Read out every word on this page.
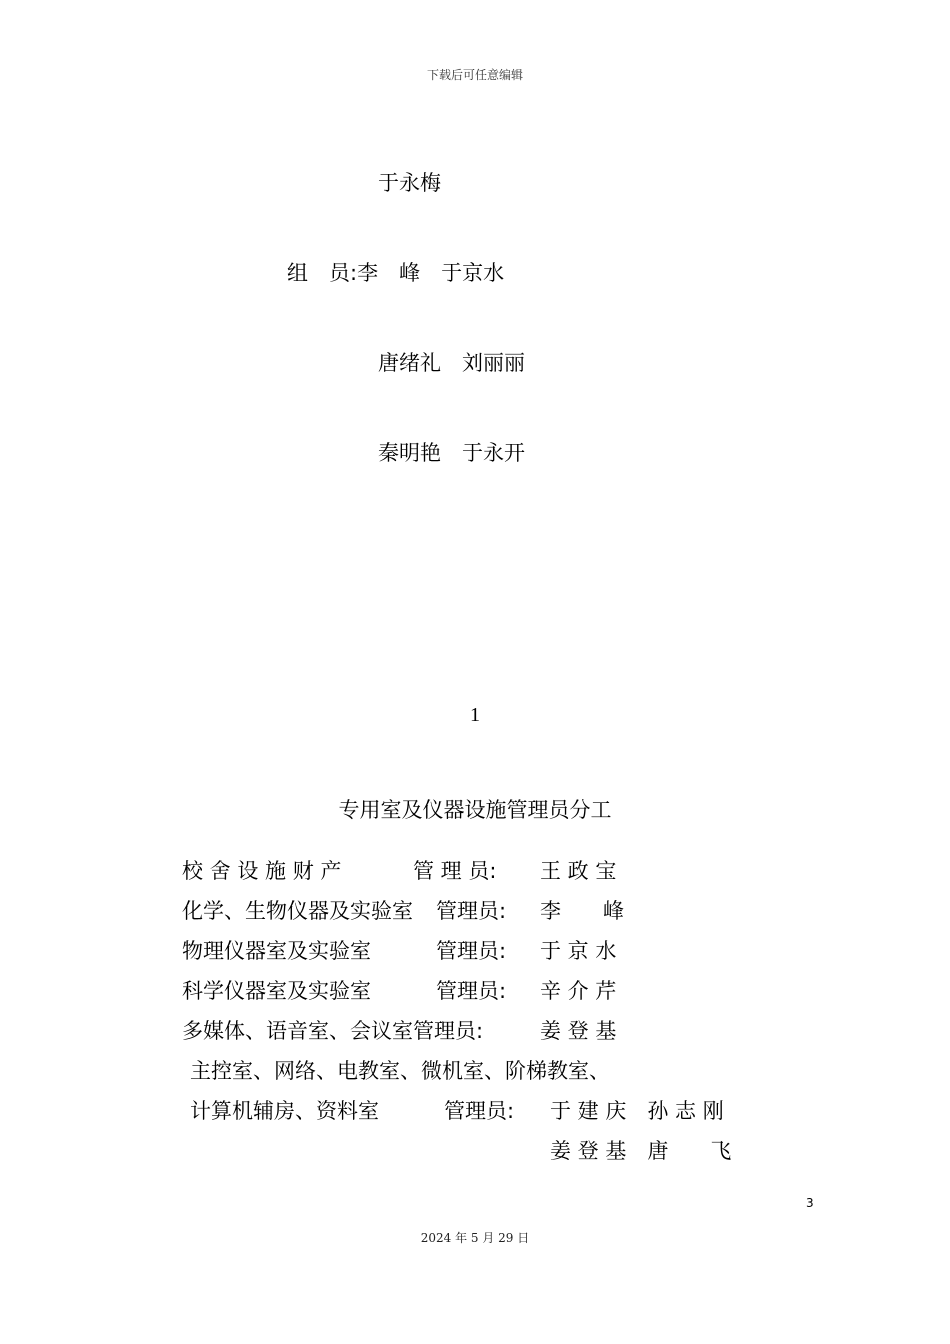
下载后可任意编辑
于永梅
组　员:李　峰　于京水
唐绪礼　刘丽丽
秦明艳　于永开
1
专用室及仪器设施管理员分工
校 舍 设 施 财 产	管 理 员: 王 政 宝
化学、生物仪器及实验室 管理员: 李　　峰
物理仪器室及实验室	管理员: 于 京 水
科学仪器室及实验室	管理员: 辛 介 芹
多媒体、语音室、会议室 管理员:	姜 登 基
主控室、网络、电教室、微机室、阶梯教室、
计算机辅房、资料室	管理员: 于 建 庆　孙 志 刚
姜 登 基　唐　　飞
3
2024 年 5 月 29 日
